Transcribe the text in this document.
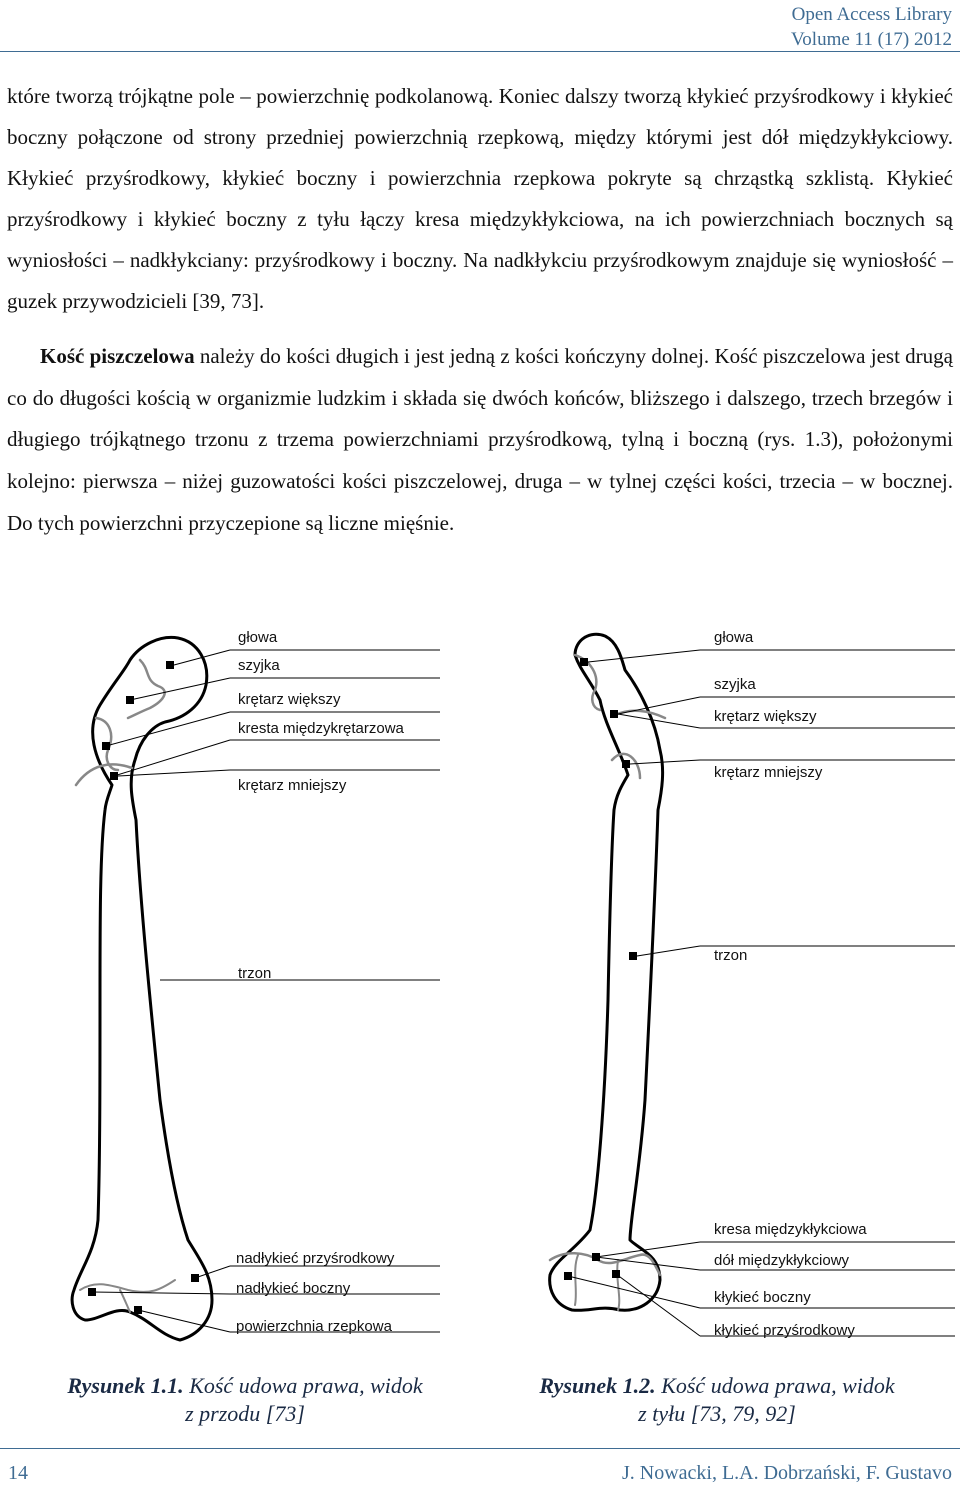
Open Access Library
Volume 11 (17) 2012

które tworzą trójkątne pole – powierzchnię podkolanową. Koniec dalszy tworzą kłykieć przyśrodkowy i kłykieć boczny połączone od strony przedniej powierzchnią rzepkową, między którymi jest dół międzykłykciowy. Kłykieć przyśrodkowy, kłykieć boczny i powierzchnia rzepkowa pokryte są chrząstką szklistą. Kłykieć przyśrodkowy i kłykieć boczny z tyłu łączy kresa międzykłykciowa, na ich powierzchniach bocznych są wyniosłości – nadkłykciany: przyśrodkowy i boczny. Na nadkłykciu przyśrodkowym znajduje się wyniosłość – guzek przywodzicieli [39, 73].

Kość piszczelowa należy do kości długich i jest jedną z kości kończyny dolnej. Kość piszczelowa jest drugą co do długości kością w organizmie ludzkim i składa się dwóch końców, bliższego i dalszego, trzech brzegów i długiego trójkątnego trzonu z trzema powierzchniami przyśrodkową, tylną i boczną (rys. 1.3), położonymi kolejno: pierwsza – niżej guzowatości kości piszczelowej, druga – w tylnej części kości, trzecia – w bocznej. Do tych powierzchni przyczepione są liczne mięśnie.

głowa
szyjka
krętarz większy
kresta międzykrętarzowa
krętarz mniejszy
trzon
nadłykieć przyśrodkowy
nadłykieć boczny
powierzchnia rzepkowa
głowa
szyjka
krętarz większy
krętarz mniejszy
trzon
kresa międzykłykciowa
dół międzykłykciowy
kłykieć boczny
kłykieć przyśrodkowy
Rysunek 1.1. Kość udowa prawa, widok
z przodu [73]
Rysunek 1.2. Kość udowa prawa, widok
z tyłu [73, 79, 92]
14	J. Nowacki, L.A. Dobrzański, F. Gustavo
